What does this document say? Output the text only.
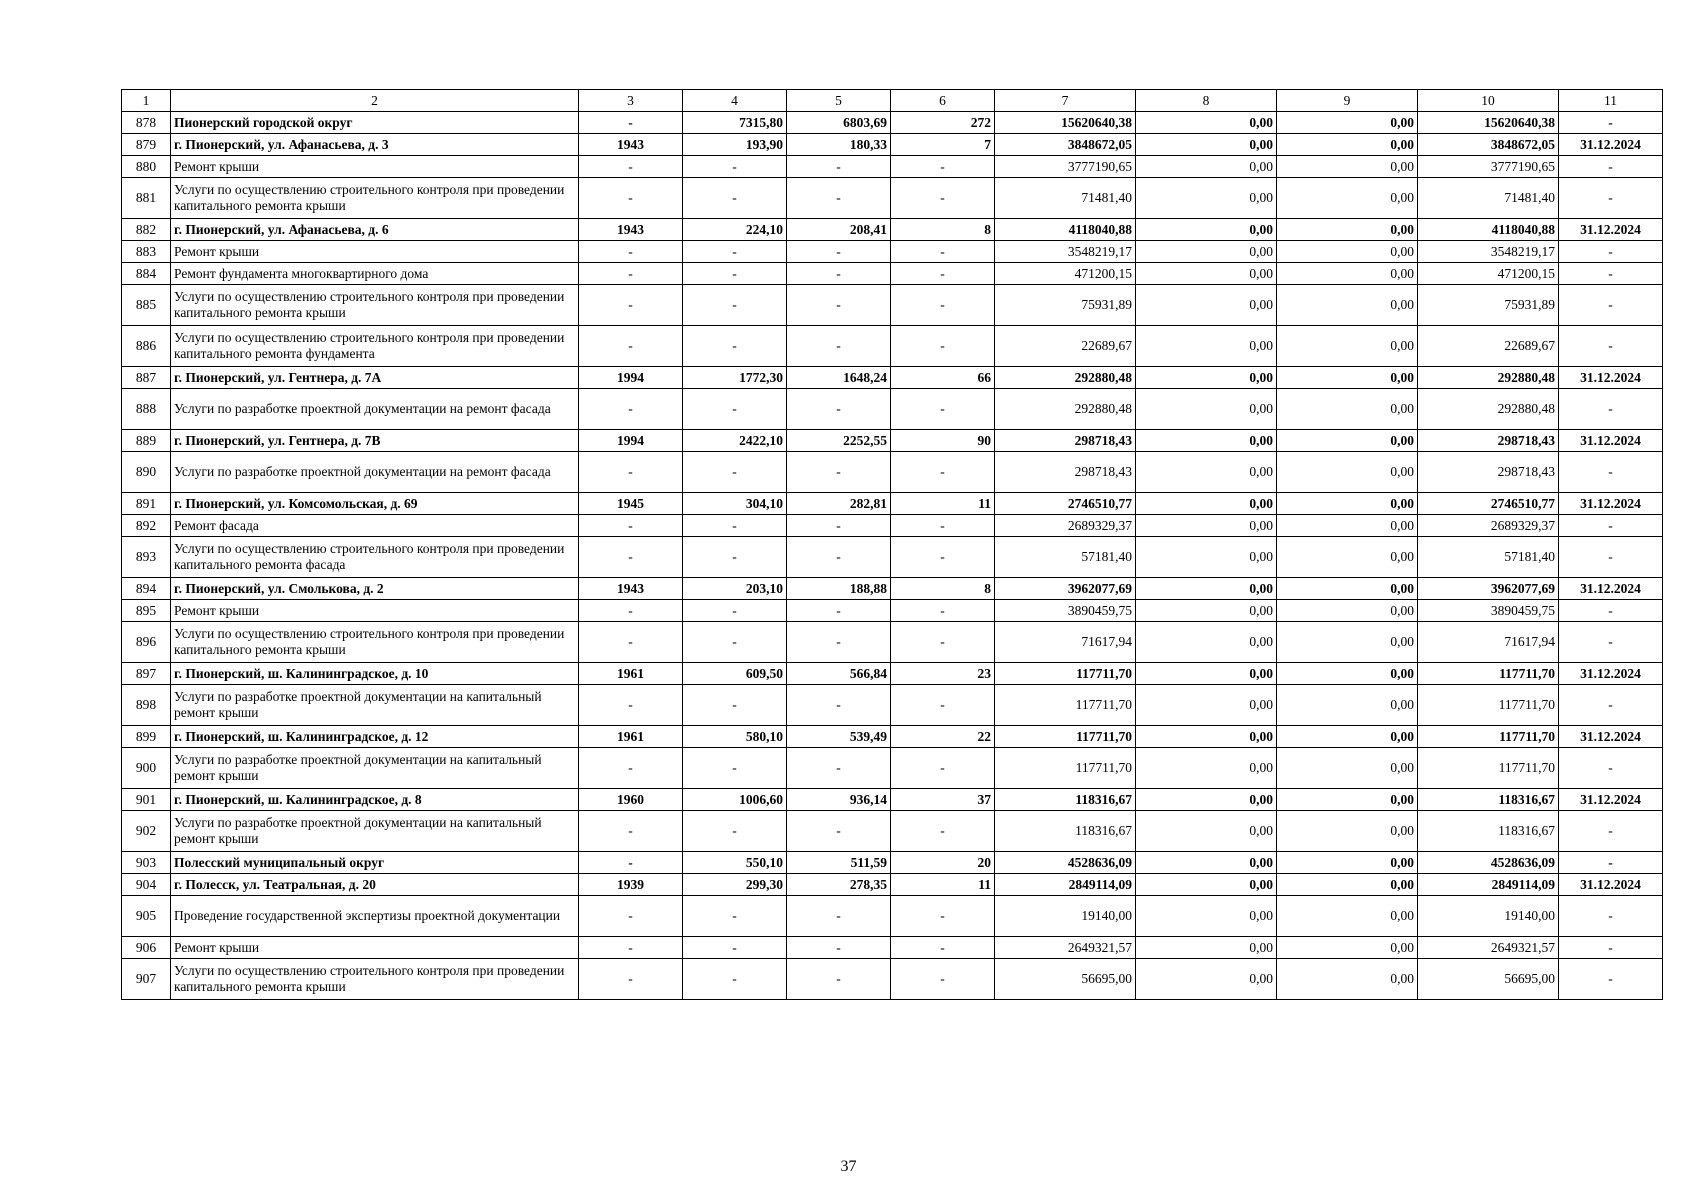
1	2	3	4	5	6	7	8	9	10	11
878	Пионерский городской округ	-	7315,80	6803,69	272	15620640,38	0,00	0,00	15620640,38	-
879	г. Пионерский, ул. Афанасьева, д. 3	1943	193,90	180,33	7	3848672,05	0,00	0,00	3848672,05	31.12.2024
880	Ремонт крыши	-	-	-	-	3777190,65	0,00	0,00	3777190,65	-
881	Услуги по осуществлению строительного контроля при проведении капитального ремонта крыши	-	-	-	-	71481,40	0,00	0,00	71481,40	-
882	г. Пионерский, ул. Афанасьева, д. 6	1943	224,10	208,41	8	4118040,88	0,00	0,00	4118040,88	31.12.2024
883	Ремонт крыши	-	-	-	-	3548219,17	0,00	0,00	3548219,17	-
884	Ремонт фундамента многоквартирного дома	-	-	-	-	471200,15	0,00	0,00	471200,15	-
885	Услуги по осуществлению строительного контроля при проведении капитального ремонта крыши	-	-	-	-	75931,89	0,00	0,00	75931,89	-
886	Услуги по осуществлению строительного контроля при проведении капитального ремонта фундамента	-	-	-	-	22689,67	0,00	0,00	22689,67	-
887	г. Пионерский, ул. Гентнера, д. 7А	1994	1772,30	1648,24	66	292880,48	0,00	0,00	292880,48	31.12.2024
888	Услуги по разработке проектной документации на ремонт фасада	-	-	-	-	292880,48	0,00	0,00	292880,48	-
889	г. Пионерский, ул. Гентнера, д. 7В	1994	2422,10	2252,55	90	298718,43	0,00	0,00	298718,43	31.12.2024
890	Услуги по разработке проектной документации на ремонт фасада	-	-	-	-	298718,43	0,00	0,00	298718,43	-
891	г. Пионерский, ул. Комсомольская, д. 69	1945	304,10	282,81	11	2746510,77	0,00	0,00	2746510,77	31.12.2024
892	Ремонт фасада	-	-	-	-	2689329,37	0,00	0,00	2689329,37	-
893	Услуги по осуществлению строительного контроля при проведении капитального ремонта фасада	-	-	-	-	57181,40	0,00	0,00	57181,40	-
894	г. Пионерский, ул. Смолькова, д. 2	1943	203,10	188,88	8	3962077,69	0,00	0,00	3962077,69	31.12.2024
895	Ремонт крыши	-	-	-	-	3890459,75	0,00	0,00	3890459,75	-
896	Услуги по осуществлению строительного контроля при проведении капитального ремонта крыши	-	-	-	-	71617,94	0,00	0,00	71617,94	-
897	г. Пионерский, ш. Калининградское, д. 10	1961	609,50	566,84	23	117711,70	0,00	0,00	117711,70	31.12.2024
898	Услуги по разработке проектной документации на капитальный ремонт крыши	-	-	-	-	117711,70	0,00	0,00	117711,70	-
899	г. Пионерский, ш. Калининградское, д. 12	1961	580,10	539,49	22	117711,70	0,00	0,00	117711,70	31.12.2024
900	Услуги по разработке проектной документации на капитальный ремонт крыши	-	-	-	-	117711,70	0,00	0,00	117711,70	-
901	г. Пионерский, ш. Калининградское, д. 8	1960	1006,60	936,14	37	118316,67	0,00	0,00	118316,67	31.12.2024
902	Услуги по разработке проектной документации на капитальный ремонт крыши	-	-	-	-	118316,67	0,00	0,00	118316,67	-
903	Полесский муниципальный округ	-	550,10	511,59	20	4528636,09	0,00	0,00	4528636,09	-
904	г. Полесск, ул. Театральная, д. 20	1939	299,30	278,35	11	2849114,09	0,00	0,00	2849114,09	31.12.2024
905	Проведение государственной экспертизы проектной документации	-	-	-	-	19140,00	0,00	0,00	19140,00	-
906	Ремонт крыши	-	-	-	-	2649321,57	0,00	0,00	2649321,57	-
907	Услуги по осуществлению строительного контроля при проведении капитального ремонта крыши	-	-	-	-	56695,00	0,00	0,00	56695,00	-
37
